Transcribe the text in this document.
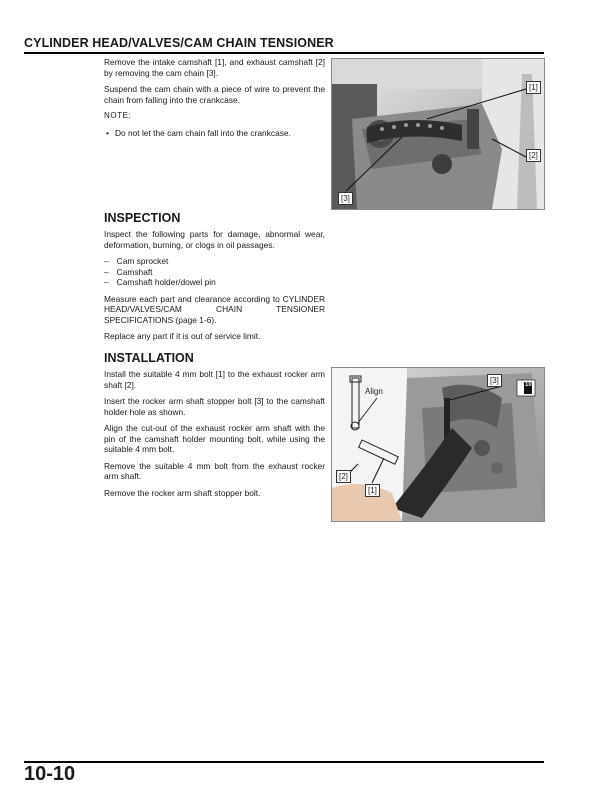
CYLINDER HEAD/VALVES/CAM CHAIN TENSIONER

Remove the intake camshaft [1], and exhaust camshaft [2] by removing the cam chain [3].

Suspend the cam chain with a piece of wire to prevent the chain from falling into the crankcase.

NOTE:

• Do not let the cam chain fall into the crankcase.
[1]
[2]
[3]
INSPECTION

Inspect the following parts for damage, abnormal wear, deformation, burning, or clogs in oil passages.

– Cam sprocket
– Camshaft
– Camshaft holder/dowel pin

Measure each part and clearance according to CYLINDER HEAD/VALVES/CAM CHAIN TENSIONER SPECIFICATIONS (page 1-6).

Replace any part if it is out of service limit.

INSTALLATION

Install the suitable 4 mm bolt [1] to the exhaust rocker arm shaft [2].

Insert the rocker arm shaft stopper bolt [3] to the camshaft holder hole as shown.

Align the cut-out of the exhaust rocker arm shaft with the pin of the camshaft holder mounting bolt, while using the suitable 4 mm bolt.

Remove the suitable 4 mm bolt from the exhaust rocker arm shaft.

Remove the rocker arm shaft stopper bolt.

[3]
[2]
[1]
Align
10
10-10
